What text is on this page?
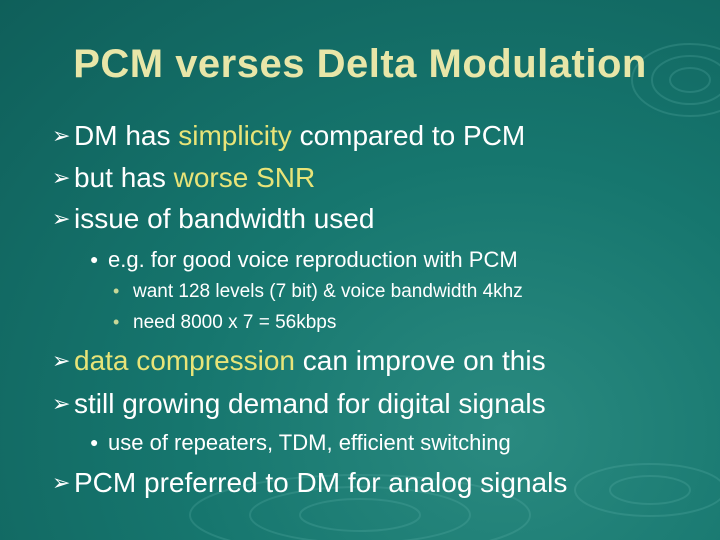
PCM verses Delta Modulation
➢ DM has simplicity compared to PCM
➢ but has worse SNR
➢ issue of bandwidth used
● e.g. for good voice reproduction with PCM
• want 128 levels (7 bit) & voice bandwidth 4khz
• need 8000 x 7 = 56kbps
➢ data compression can improve on this
➢ still growing demand for digital signals
● use of repeaters, TDM, efficient switching
➢ PCM preferred to DM for analog signals
